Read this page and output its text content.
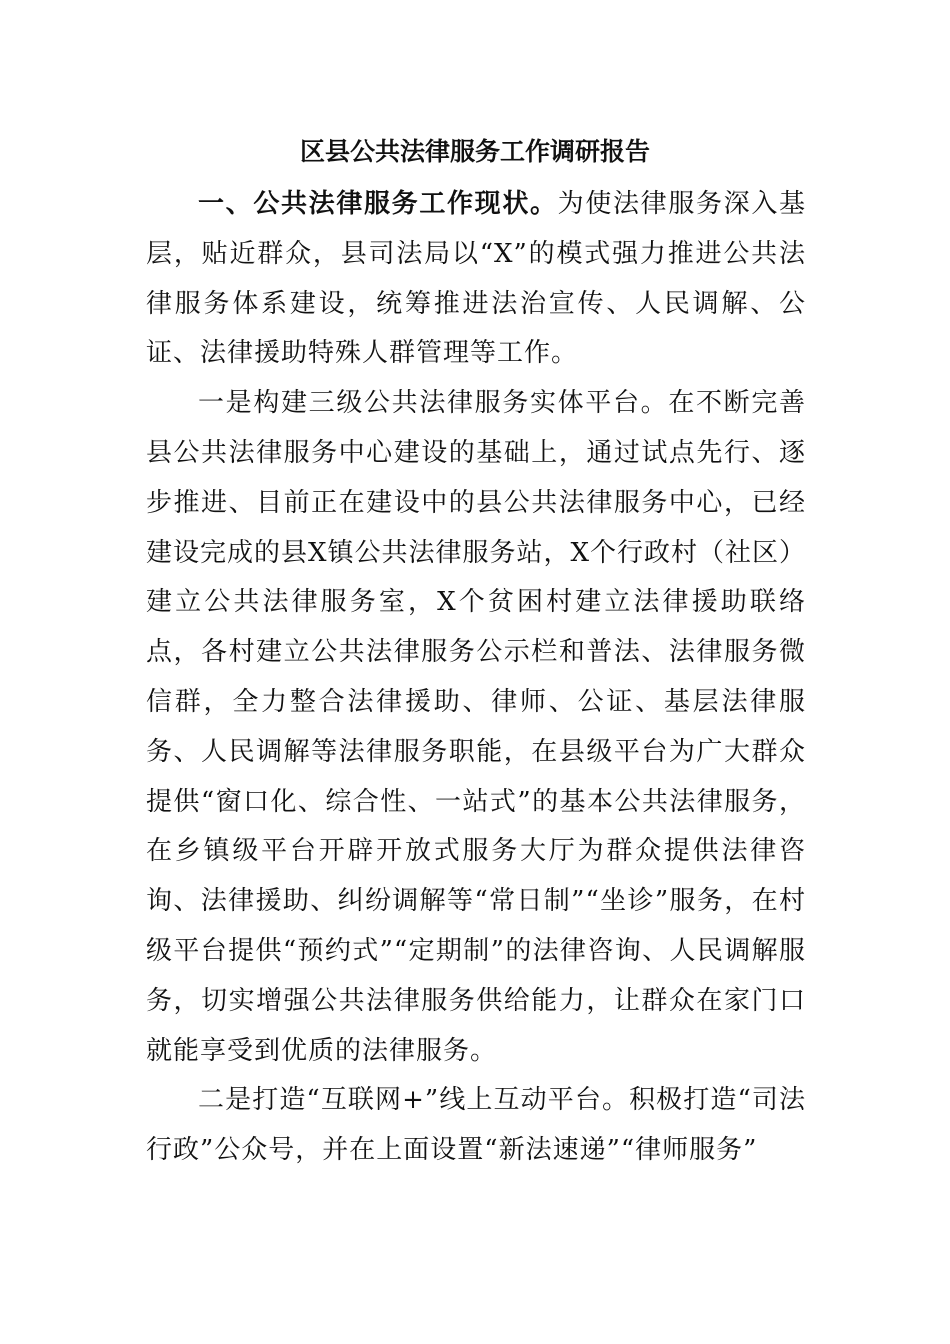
区县公共法律服务工作调研报告

一、公共法律服务工作现状。为使法律服务深入基层，贴近群众，县司法局以“X”的模式强力推进公共法律服务体系建设，统筹推进法治宣传、人民调解、公证、法律援助特殊人群管理等工作。

一是构建三级公共法律服务实体平台。在不断完善县公共法律服务中心建设的基础上，通过试点先行、逐步推进、目前正在建设中的县公共法律服务中心，已经建设完成的县X镇公共法律服务站，X个行政村（社区）建立公共法律服务室，X个贫困村建立法律援助联络点，各村建立公共法律服务公示栏和普法、法律服务微信群，全力整合法律援助、律师、公证、基层法律服务、人民调解等法律服务职能，在县级平台为广大群众提供“窗口化、综合性、一站式”的基本公共法律服务，在乡镇级平台开辟开放式服务大厅为群众提供法律咨询、法律援助、纠纷调解等“常日制”“坐诊”服务，在村级平台提供“预约式”“定期制”的法律咨询、人民调解服务，切实增强公共法律服务供给能力，让群众在家门口就能享受到优质的法律服务。

二是打造“互联网+”线上互动平台。积极打造“司法行政”公众号，并在上面设置“新法速递”“律师服务”
